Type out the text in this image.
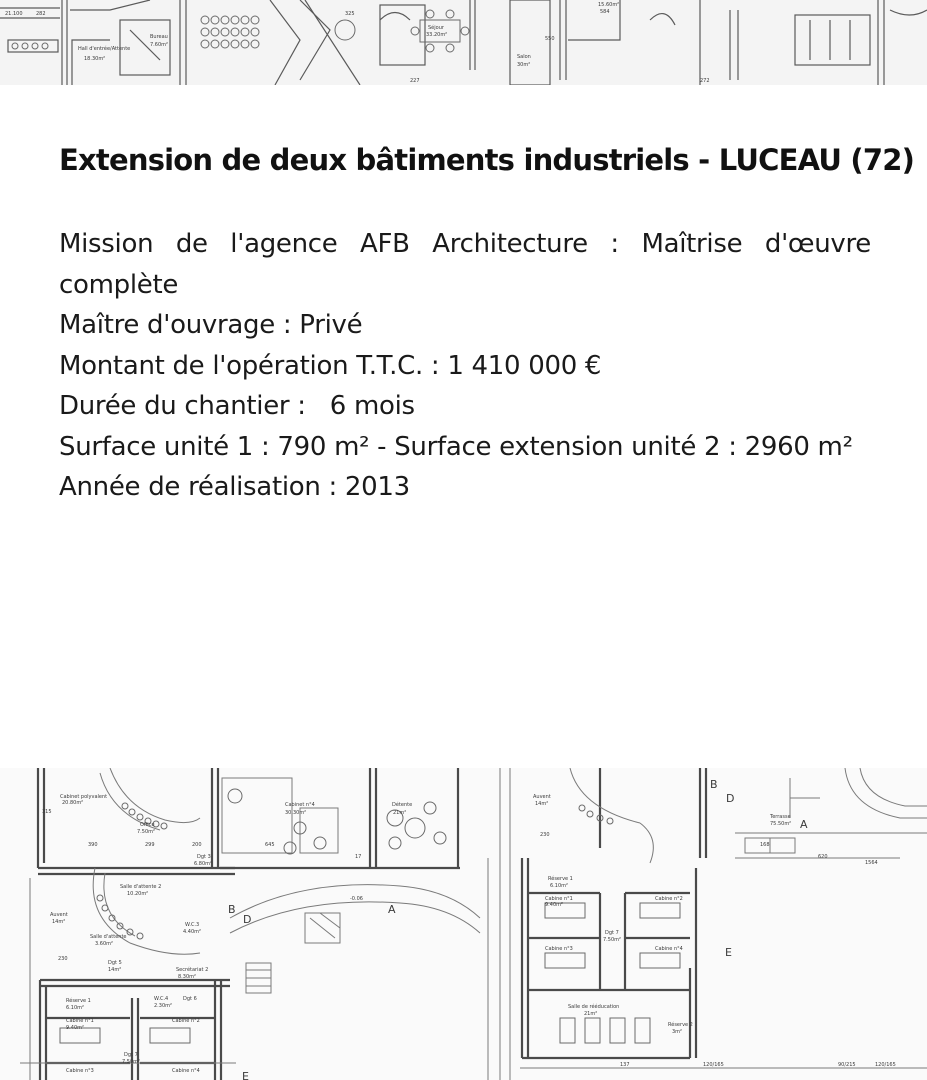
Hall d'entrée/Attente
18.30m²
Bureau
7.60m²
Séjour
33.20m²
Salon
30m²
15.60m²
21.100	282	325
227	272
584
550
Extension de deux bâtiments industriels - LUCEAU (72)
Mission de l'agence AFB Architecture : Maîtrise d'œuvre complète
Maître d'ouvrage : Privé
Montant de l'opération T.T.C. : 1 410 000 €
Durée du chantier : 6 mois
Surface unité 1 : 790 m² - Surface extension unité 2 : 2960 m²
Année de réalisation : 2013
Cabinet polyvalent
20.80m²
Office
7.50m²
Cabinet n°4
30.30m²
Détente
21m²
Salle d'attente 2
10.20m²
Dgt 3
6.80m²
Auvent
14m²
Salle d'attente
3.60m²
W.C.3
4.40m²
Dgt 5
14m²	Secrétariat 2
8.30m²
Réserve 1
6.10m²
W.C.4
2.30m²
Dgt 6
Cabine n°1
9.40m²
Cabine n°2
Dgt 7
7.50m²
Cabine n°3	Cabine n°4
Réserve 1
6.10m²
Cabine n°1
9.40m²
Cabine n°2
Dgt 7
7.50m²
Cabine n°3	Cabine n°4
Salle de rééducation
21m²
Réserve 2
3m²
Terrasse
75.50m²
Auvent
14m²
315
390	299	200	645
230
230
17
168
620
1564
137	120/165	90/215	120/165
-0.06
A
A
B
B
D
D
E
E
